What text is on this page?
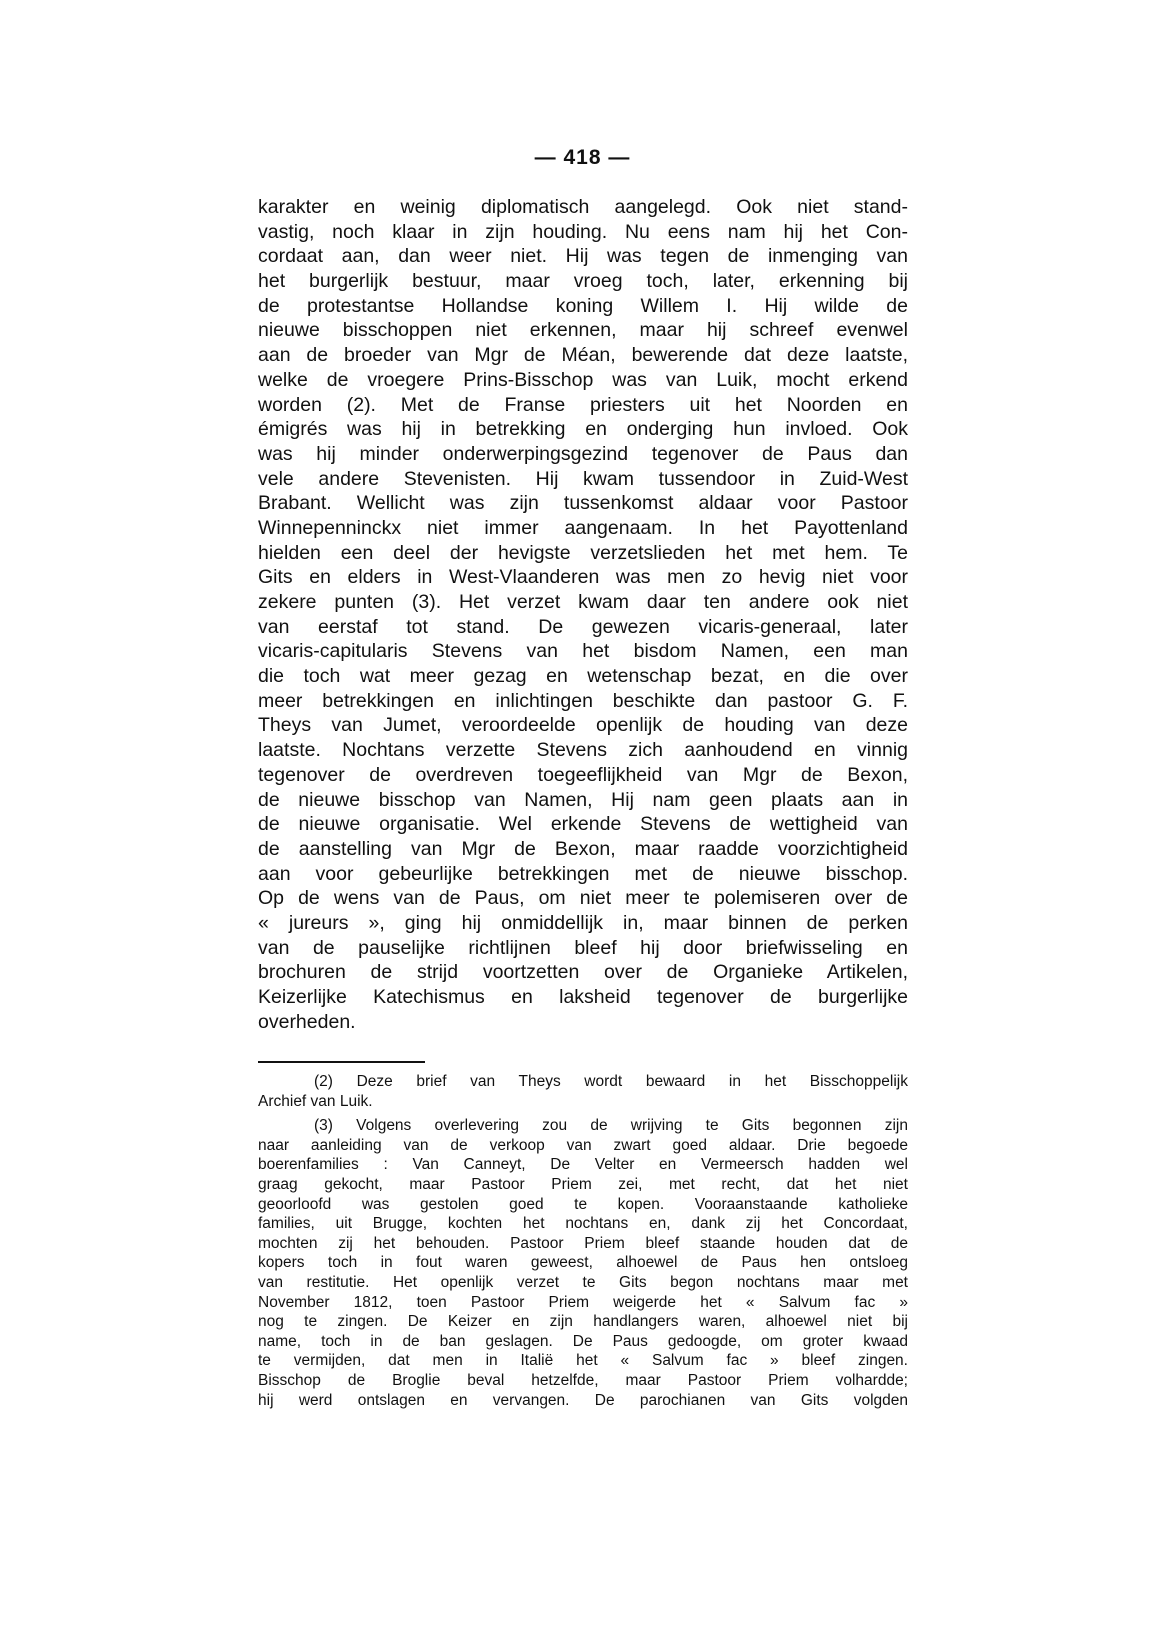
— 418 —
karakter en weinig diplomatisch aangelegd. Ook niet stand-
vastig, noch klaar in zijn houding. Nu eens nam hij het Con-
cordaat aan, dan weer niet. Hij was tegen de inmenging van
het burgerlijk bestuur, maar vroeg toch, later, erkenning bij
de protestantse Hollandse koning Willem I. Hij wilde de
nieuwe bisschoppen niet erkennen, maar hij schreef evenwel
aan de broeder van Mgr de Méan, bewerende dat deze laatste,
welke de vroegere Prins-Bisschop was van Luik, mocht erkend
worden (2). Met de Franse priesters uit het Noorden en
émigrés was hij in betrekking en onderging hun invloed. Ook
was hij minder onderwerpingsgezind tegenover de Paus dan
vele andere Stevenisten. Hij kwam tussendoor in Zuid-West
Brabant. Wellicht was zijn tussenkomst aldaar voor Pastoor
Winnepenninckx niet immer aangenaam. In het Payottenland
hielden een deel der hevigste verzetslieden het met hem. Te
Gits en elders in West-Vlaanderen was men zo hevig niet voor
zekere punten (3). Het verzet kwam daar ten andere ook niet
van eerstaf tot stand. De gewezen vicaris-generaal, later
vicaris-capitularis Stevens van het bisdom Namen, een man
die toch wat meer gezag en wetenschap bezat, en die over
meer betrekkingen en inlichtingen beschikte dan pastoor G. F.
Theys van Jumet, veroordeelde openlijk de houding van deze
laatste. Nochtans verzette Stevens zich aanhoudend en vinnig
tegenover de overdreven toegeeflijkheid van Mgr de Bexon,
de nieuwe bisschop van Namen, Hij nam geen plaats aan in
de nieuwe organisatie. Wel erkende Stevens de wettigheid van
de aanstelling van Mgr de Bexon, maar raadde voorzichtigheid
aan voor gebeurlijke betrekkingen met de nieuwe bisschop.
Op de wens van de Paus, om niet meer te polemiseren over de
« jureurs », ging hij onmiddellijk in, maar binnen de perken
van de pauselijke richtlijnen bleef hij door briefwisseling en
brochuren de strijd voortzetten over de Organieke Artikelen,
Keizerlijke Katechismus en laksheid tegenover de burgerlijke
overheden.
(2) Deze brief van Theys wordt bewaard in het Bisschoppelijk
Archief van Luik.
(3) Volgens overlevering zou de wrijving te Gits begonnen zijn
naar aanleiding van de verkoop van zwart goed aldaar. Drie begoede
boerenfamilies : Van Canneyt, De Velter en Vermeersch hadden wel
graag gekocht, maar Pastoor Priem zei, met recht, dat het niet
geoorloofd was gestolen goed te kopen. Vooraanstaande katholieke
families, uit Brugge, kochten het nochtans en, dank zij het Concordaat,
mochten zij het behouden. Pastoor Priem bleef staande houden dat de
kopers toch in fout waren geweest, alhoewel de Paus hen ontsloeg
van restitutie. Het openlijk verzet te Gits begon nochtans maar met
November 1812, toen Pastoor Priem weigerde het « Salvum fac »
nog te zingen. De Keizer en zijn handlangers waren, alhoewel niet bij
name, toch in de ban geslagen. De Paus gedoogde, om groter kwaad
te vermijden, dat men in Italië het « Salvum fac » bleef zingen.
Bisschop de Broglie beval hetzelfde, maar Pastoor Priem volhardde;
hij werd ontslagen en vervangen. De parochianen van Gits volgden
